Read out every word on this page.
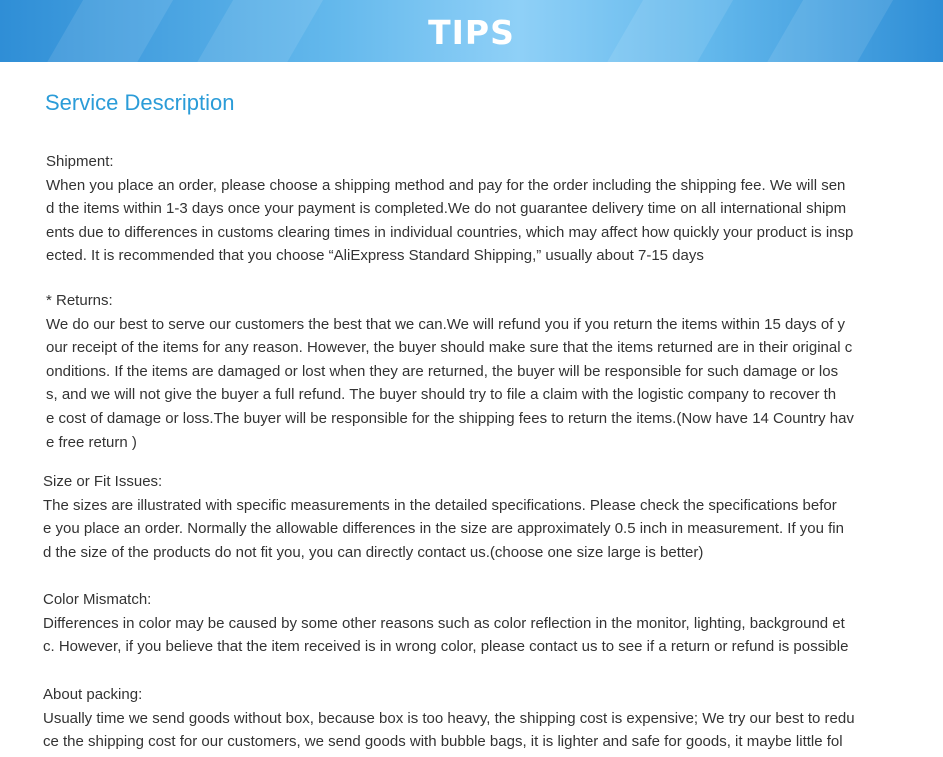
TIPS
Service Description
Shipment:
When you place an order, please choose a shipping method and pay for the order including the shipping fee. We will sen
d the items within 1-3 days once your payment is completed.We do not guarantee delivery time on all international shipm
ents due to differences in customs clearing times in individual countries, which may affect how quickly your product is insp
ected. It is recommended that you choose “AliExpress Standard Shipping,” usually about 7-15 days
* Returns:
We do our best to serve our customers the best that we can.We will refund you if you return the items within 15 days of y
our receipt of the items for any reason. However, the buyer should make sure that the items returned are in their original c
onditions. If the items are damaged or lost when they are returned, the buyer will be responsible for such damage or los
s, and we will not give the buyer a full refund. The buyer should try to file a claim with the logistic company to recover th
e cost of damage or loss.The buyer will be responsible for the shipping fees to return the items.(Now have 14 Country hav
e free return )
Size or Fit Issues:
The sizes are illustrated with specific measurements in the detailed specifications. Please check the specifications befor
e you place an order. Normally the allowable differences in the size are approximately 0.5 inch in measurement. If you fin
d the size of the products do not fit you, you can directly contact us.(choose one size large is better)
Color Mismatch:
Differences in color may be caused by some other reasons such as color reflection in the monitor, lighting, background et
c. However, if you believe that the item received is in wrong color, please contact us to see if a return or refund is possible
About packing:
Usually time we send goods without box, because box is too heavy, the shipping cost is expensive; We try our best to redu
ce the shipping cost for our customers, we send goods with bubble bags, it is lighter and safe for goods, it maybe little fol
